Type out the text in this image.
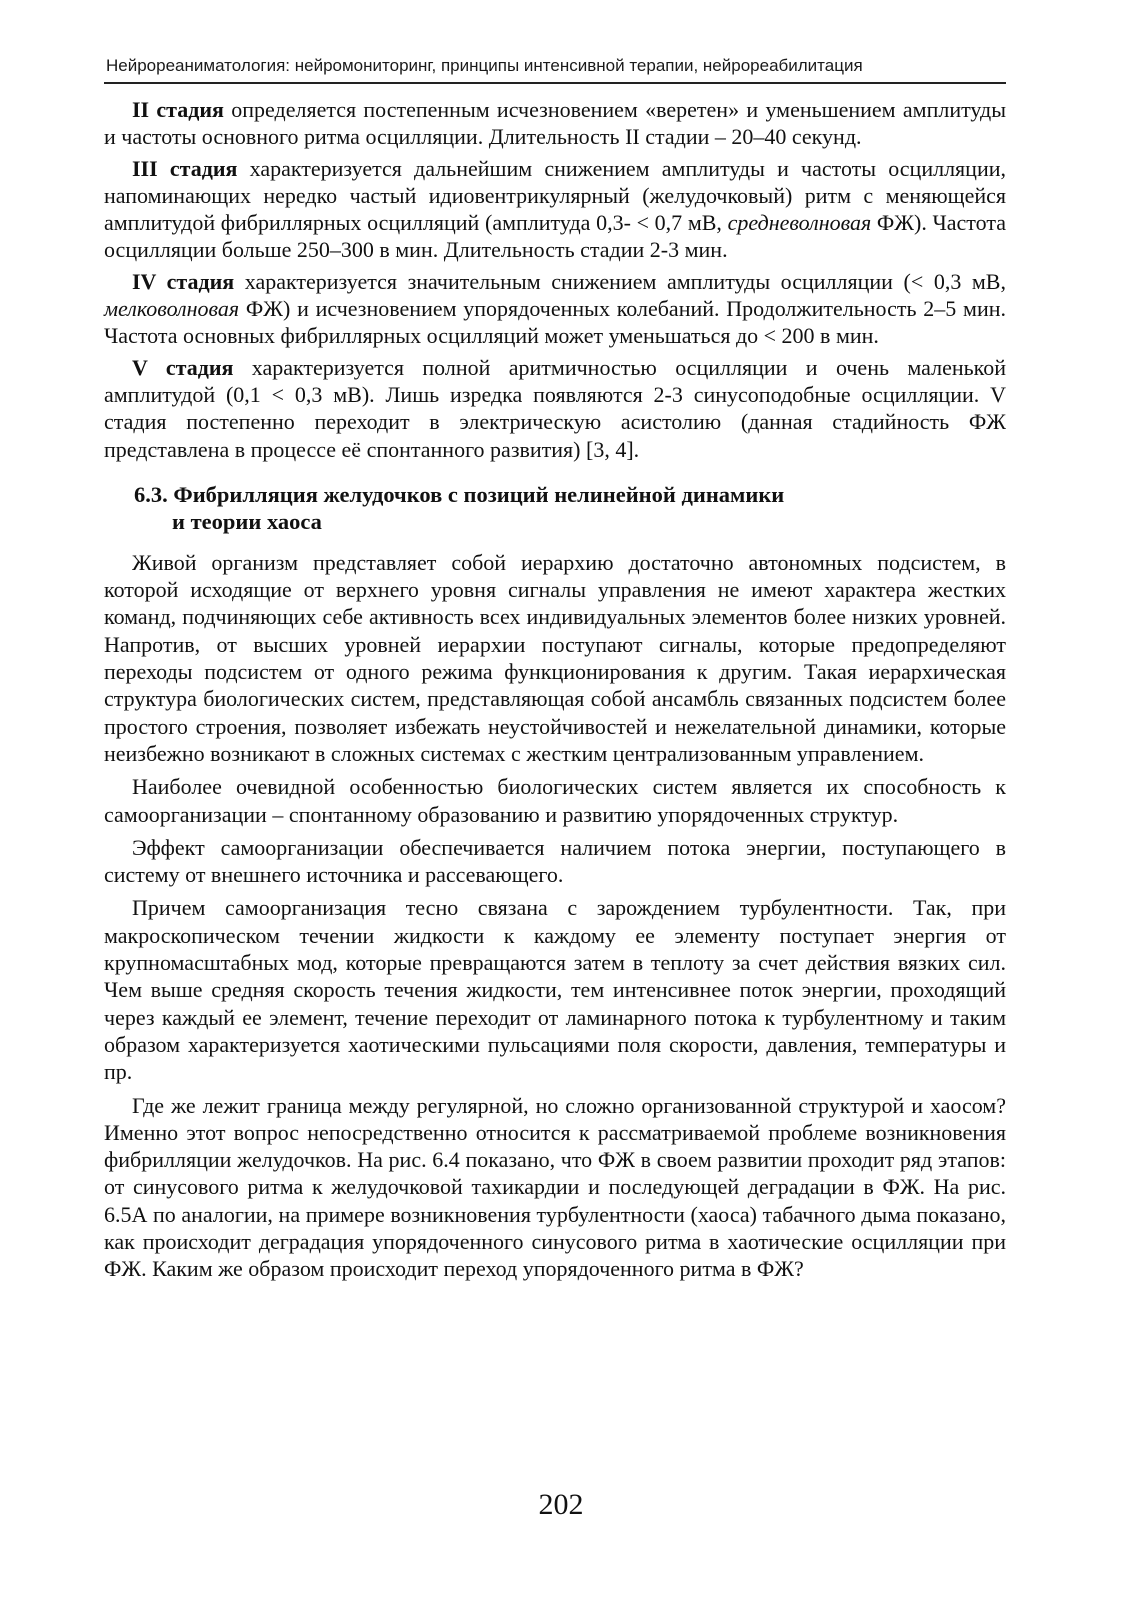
Нейрореаниматология: нейромониторинг, принципы интенсивной терапии, нейрореабилитация

II стадия определяется постепенным исчезновением «веретен» и уменьшением амплитуды и частоты основного ритма осцилляции. Длительность II стадии – 20–40 секунд.

III стадия характеризуется дальнейшим снижением амплитуды и частоты осцилляции, напоминающих нередко частый идиовентрикулярный (желудочковый) ритм с меняющейся амплитудой фибриллярных осцилляций (амплитуда 0,3- < 0,7 мВ, средневолновая ФЖ). Частота осцилляции больше 250–300 в мин. Длительность стадии 2-3 мин.

IV стадия характеризуется значительным снижением амплитуды осцилляции (< 0,3 мВ, мелковолновая ФЖ) и исчезновением упорядоченных колебаний. Продолжительность 2–5 мин. Частота основных фибриллярных осцилляций может уменьшаться до < 200 в мин.

V стадия характеризуется полной аритмичностью осцилляции и очень маленькой амплитудой (0,1 < 0,3 мВ). Лишь изредка появляются 2-3 синусоподобные осцилляции. V стадия постепенно переходит в электрическую асистолию (данная стадийность ФЖ представлена в процессе её спонтанного развития) [3, 4].

6.3. Фибрилляция желудочков с позиций нелинейной динамики
и теории хаоса

Живой организм представляет собой иерархию достаточно автономных подсистем, в которой исходящие от верхнего уровня сигналы управления не имеют характера жестких команд, подчиняющих себе активность всех индивидуальных элементов более низких уровней. Напротив, от высших уровней иерархии поступают сигналы, которые предопределяют переходы подсистем от одного режима функционирования к другим. Такая иерархическая структура биологических систем, представляющая собой ансамбль связанных подсистем более простого строения, позволяет избежать неустойчивостей и нежелательной динамики, которые неизбежно возникают в сложных системах с жестким централизованным управлением.

Наиболее очевидной особенностью биологических систем является их способность к самоорганизации – спонтанному образованию и развитию упорядоченных структур.

Эффект самоорганизации обеспечивается наличием потока энергии, поступающего в систему от внешнего источника и рассевающего.

Причем самоорганизация тесно связана с зарождением турбулентности. Так, при макроскопическом течении жидкости к каждому ее элементу поступает энергия от крупномасштабных мод, которые превращаются затем в теплоту за счет действия вязких сил. Чем выше средняя скорость течения жидкости, тем интенсивнее поток энергии, проходящий через каждый ее элемент, течение переходит от ламинарного потока к турбулентному и таким образом характеризуется хаотическими пульсациями поля скорости, давления, температуры и пр.

Где же лежит граница между регулярной, но сложно организованной структурой и хаосом? Именно этот вопрос непосредственно относится к рассматриваемой проблеме возникновения фибрилляции желудочков. На рис. 6.4 показано, что ФЖ в своем развитии проходит ряд этапов: от синусового ритма к желудочковой тахикардии и последующей деградации в ФЖ. На рис. 6.5А по аналогии, на примере возникновения турбулентности (хаоса) табачного дыма показано, как происходит деградация упорядоченного синусового ритма в хаотические осцилляции при ФЖ. Каким же образом происходит переход упорядоченного ритма в ФЖ?

202
